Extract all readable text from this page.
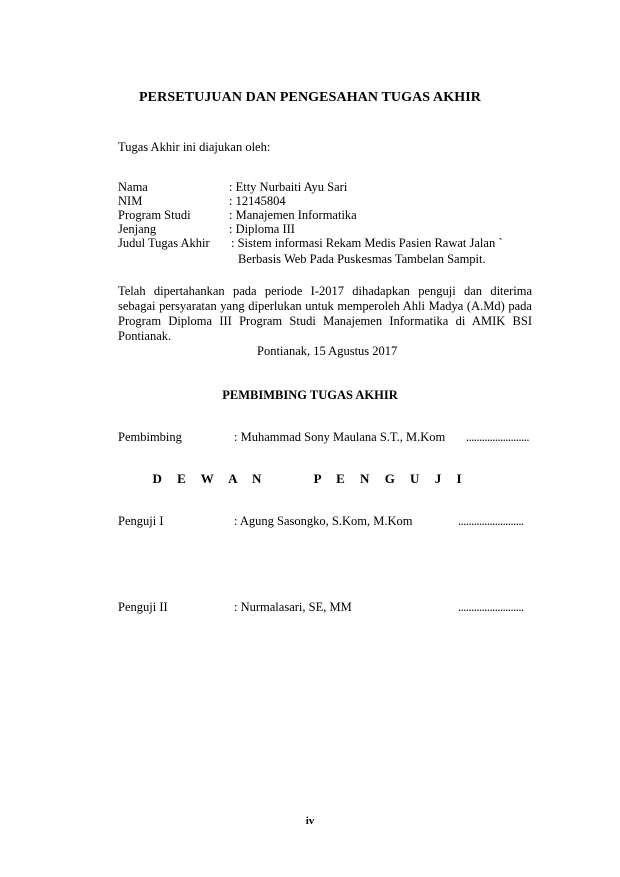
PERSETUJUAN DAN PENGESAHAN TUGAS AKHIR
Tugas Akhir ini diajukan oleh:
Nama	: Etty Nurbaiti Ayu Sari
NIM	: 12145804
Program Studi	: Manajemen Informatika
Jenjang	: Diploma III
Judul Tugas Akhir : Sistem informasi Rekam Medis Pasien Rawat Jalan `
Berbasis Web Pada Puskesmas Tambelan Sampit.
Telah dipertahankan pada periode I-2017 dihadapkan penguji dan diterima
sebagai persyaratan yang diperlukan untuk memperoleh Ahli Madya (A.Md) pada
Program Diploma III Program Studi Manajemen Informatika di AMIK BSI
Pontianak.
Pontianak, 15 Agustus 2017
PEMBIMBING TUGAS AKHIR
Pembimbing	: Muhammad Sony Maulana S.T., M.Kom ........................
D E W A N     P E N G U J I
Penguji I	: Agung Sasongko, S.Kom, M.Kom	.........................
Penguji II	: Nurmalasari, SE, MM	.........................
iv
